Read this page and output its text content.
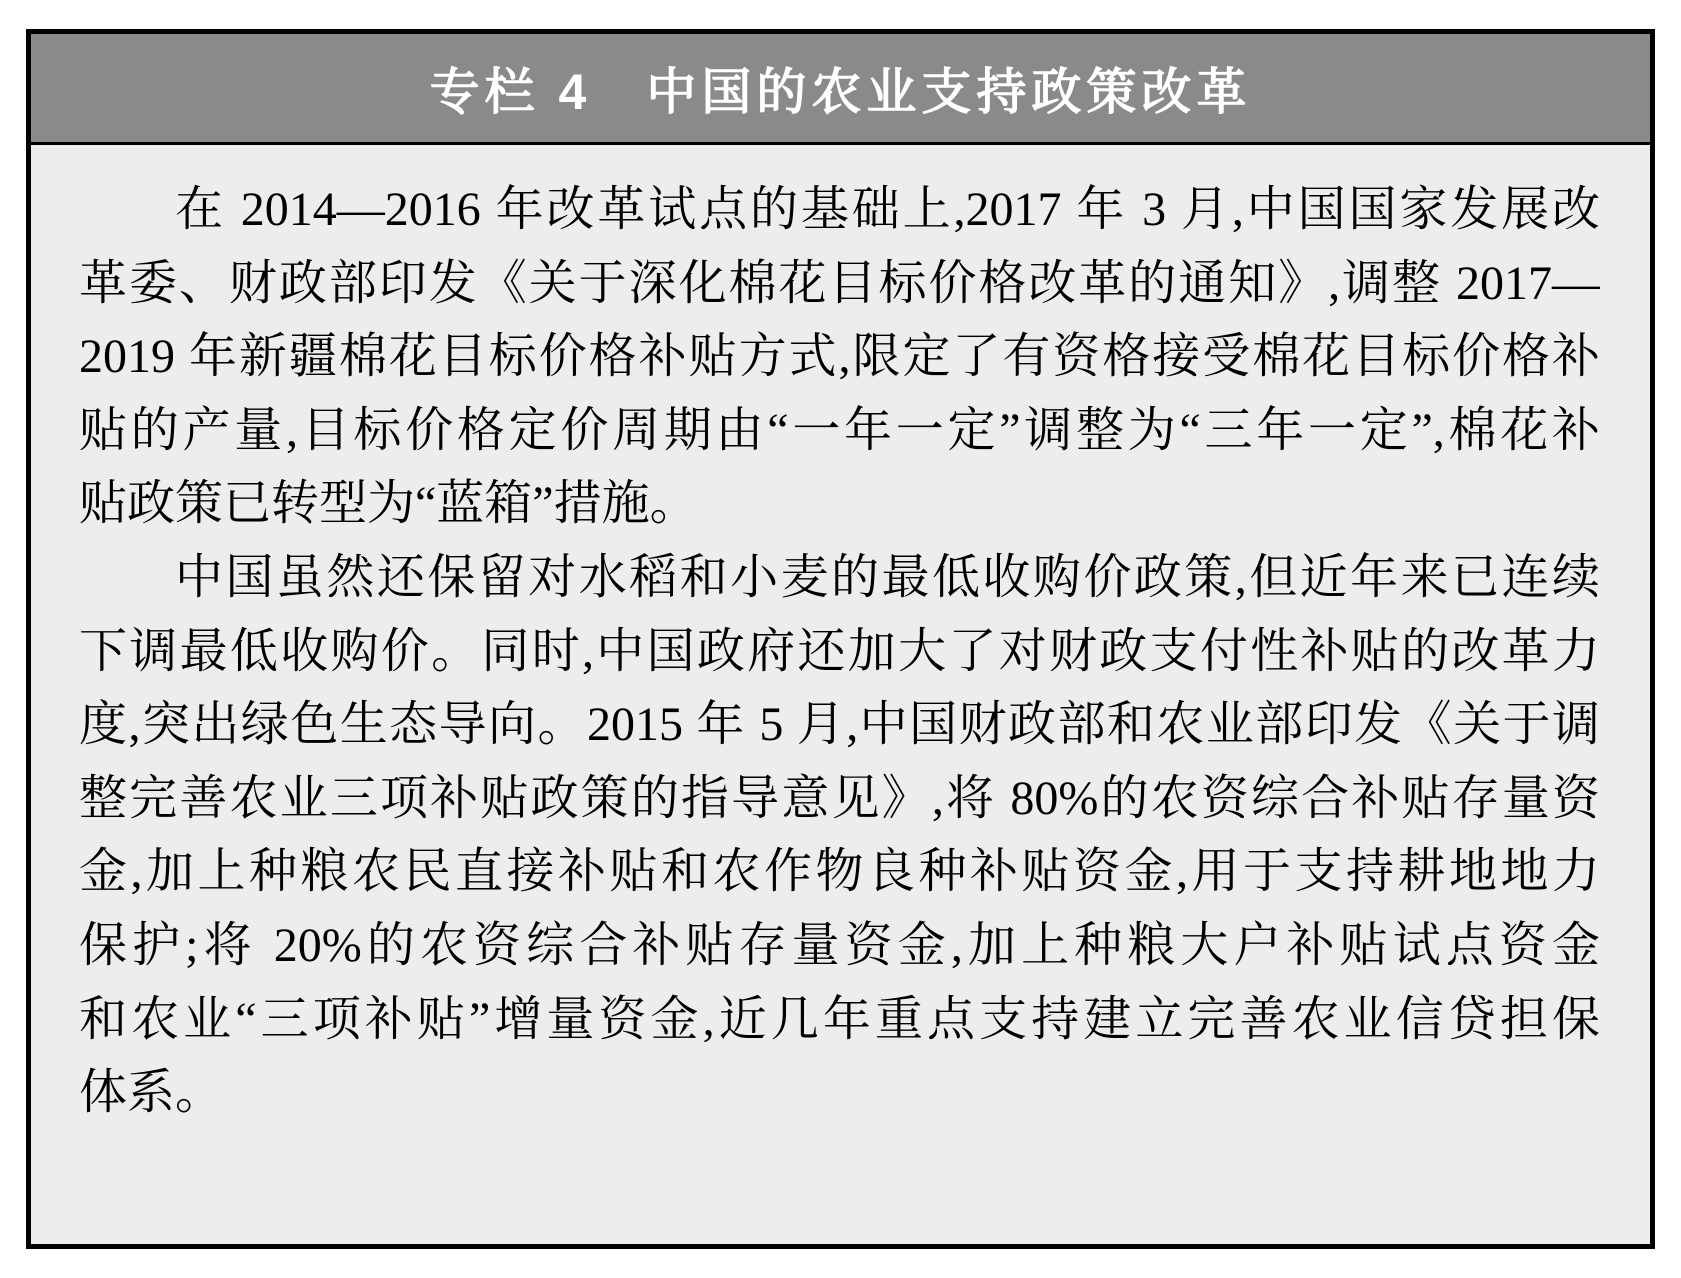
专栏 4　中国的农业支持政策改革
在 2014—2016 年改革试点的基础上,2017 年 3 月,中国国家发展改
革委、财政部印发《关于深化棉花目标价格改革的通知》,调整 2017—
2019 年新疆棉花目标价格补贴方式,限定了有资格接受棉花目标价格补
贴的产量,目标价格定价周期由“一年一定”调整为“三年一定”,棉花补
贴政策已转型为“蓝箱”措施。
中国虽然还保留对水稻和小麦的最低收购价政策,但近年来已连续
下调最低收购价。同时,中国政府还加大了对财政支付性补贴的改革力
度,突出绿色生态导向。2015 年 5 月,中国财政部和农业部印发《关于调
整完善农业三项补贴政策的指导意见》,将 80%的农资综合补贴存量资
金,加上种粮农民直接补贴和农作物良种补贴资金,用于支持耕地地力
保护;将 20%的农资综合补贴存量资金,加上种粮大户补贴试点资金
和农业“三项补贴”增量资金,近几年重点支持建立完善农业信贷担保
体系。
